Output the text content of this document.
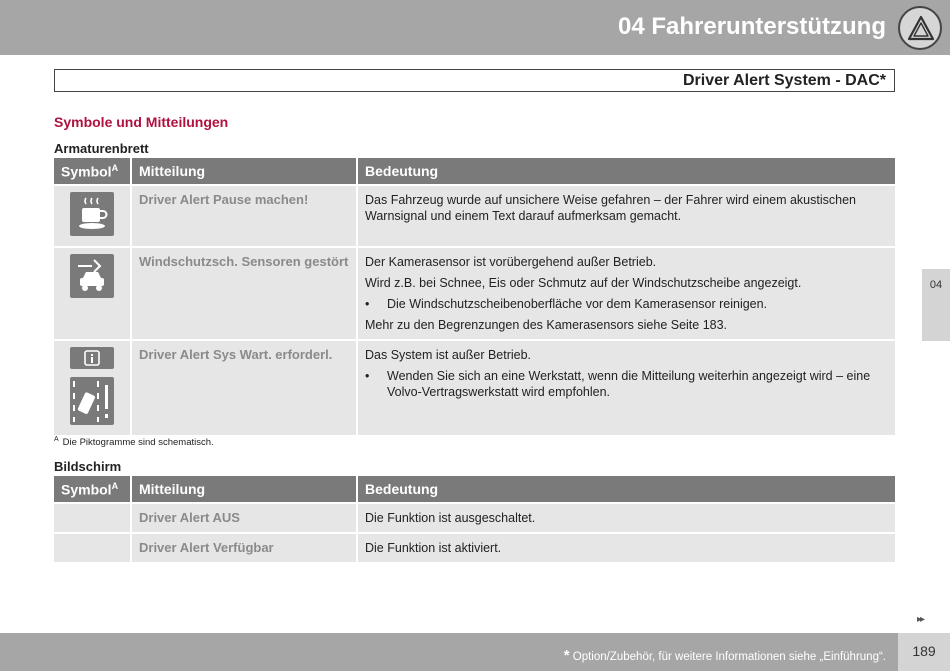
04 Fahrerunterstützung
Driver Alert System - DAC*
Symbole und Mitteilungen
Armaturenbrett
Symbol$^A$	Mitteilung	Bedeutung
	Driver Alert Pause machen!	Das Fahrzeug wurde auf unsichere Weise gefahren – der Fahrer wird einem akustischen Warnsignal und einem Text darauf aufmerksam gemacht.

	Windschutzsch. Sensoren gestört	Der Kamerasensor ist vorübergehend außer Betrieb.

Wird z.B. bei Schnee, Eis oder Schmutz auf der Windschutzscheibe angezeigt.

• Die Windschutzscheibenoberfläche vor dem Kamerasensor reinigen.

Mehr zu den Begrenzungen des Kamerasensors siehe Seite 183.

	Driver Alert Sys Wart. erforderl.	Das System ist außer Betrieb.

• Wenden Sie sich an eine Werkstatt, wenn die Mitteilung weiterhin angezeigt wird – eine Volvo-Vertragswerkstatt wird empfohlen.
$^A$ Die Piktogramme sind schematisch.
Bildschirm
Symbol$^A$	Mitteilung	Bedeutung
	Driver Alert AUS	Die Funktion ist ausgeschaltet.
	Driver Alert Verfügbar	Die Funktion ist aktiviert.
04
▸▸
* Option/Zubehör, für weitere Informationen siehe „Einführung“.	189
